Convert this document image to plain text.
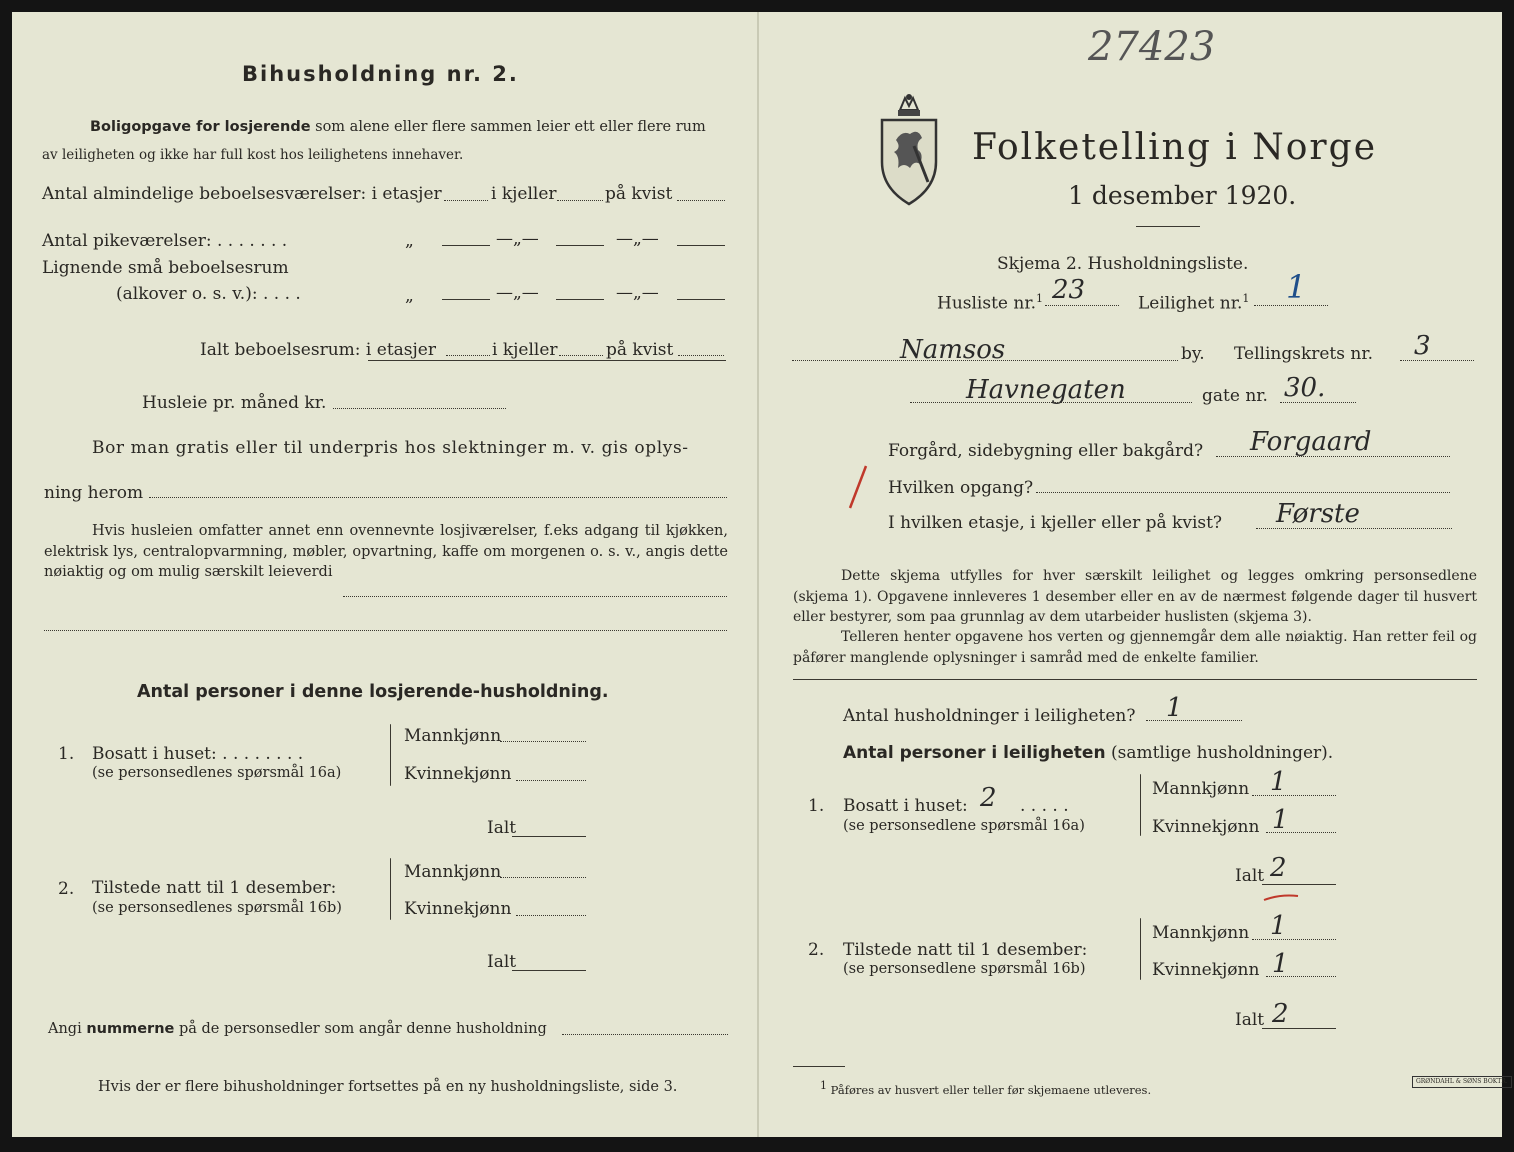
27423
Bihusholdning nr. 2.
Boligopgave for losjerende som alene eller flere sammen leier ett eller flere rum
av leiligheten og ikke har full kost hos leilighetens innehaver.
Antal almindelige beboelsesværelser: i etasjer	i kjeller	på kvist
Antal pikeværelser: . . . . . . .	„	—„—	—„—
Lignende små beboelsesrum
(alkover o. s. v.): . . . .	„	—„—	—„—
Ialt beboelsesrum: i etasjer	i kjeller	på kvist
Husleie pr. måned kr.
Bor man gratis eller til underpris hos slektninger m. v. gis oplys-
ning herom
Hvis husleien omfatter annet enn ovennevnte losjiværelser, f.eks adgang til kjøkken, elektrisk lys, centralopvarmning, møbler, opvartning, kaffe om morgenen o. s. v., angis dette nøiaktig og om mulig særskilt leieverdi
Antal personer i denne losjerende-husholdning.
1. Bosatt i huset: . . . . . . . .
(se personsedlenes spørsmål 16a)
Mannkjønn
Kvinnekjønn
Ialt
2. Tilstede natt til 1 desember:
(se personsedlenes spørsmål 16b)
Mannkjønn
Kvinnekjønn
Ialt
Angi nummerne på de personsedler som angår denne husholdning
Hvis der er flere bihusholdninger fortsettes på en ny husholdningsliste, side 3.
Folketelling i Norge
1 desember 1920.
Skjema 2. Husholdningsliste.
Husliste nr.$^1$ 23	Leilighet nr.$^1$ 1
Namsos	by. Tellingskrets nr. 3
Havnegaten	gate nr. 30.
Forgård, sidebygning eller bakgård? Forgaard
Hvilken opgang?
I hvilken etasje, i kjeller eller på kvist? Første
Dette skjema utfylles for hver særskilt leilighet og legges omkring personsedlene (skjema 1). Opgavene innleveres 1 desember eller en av de nærmest følgende dager til husvert eller bestyrer, som paa grunnlag av dem utarbeider huslisten (skjema 3).
Telleren henter opgavene hos verten og gjennemgår dem alle nøiaktig. Han retter feil og påfører manglende oplysninger i samråd med de enkelte familier.
Antal husholdninger i leiligheten? 1
Antal personer i leiligheten (samtlige husholdninger).
1. Bosatt i huset: 2 . . . . .
(se personsedlene spørsmål 16a)
Mannkjønn 1
Kvinnekjønn 1
Ialt 2
2. Tilstede natt til 1 desember:
(se personsedlene spørsmål 16b)
Mannkjønn 1
Kvinnekjønn 1
Ialt 2
$^1$ Påføres av husvert eller teller før skjemaene utleveres.
GRØNDAHL & SØNS BOKTR.
